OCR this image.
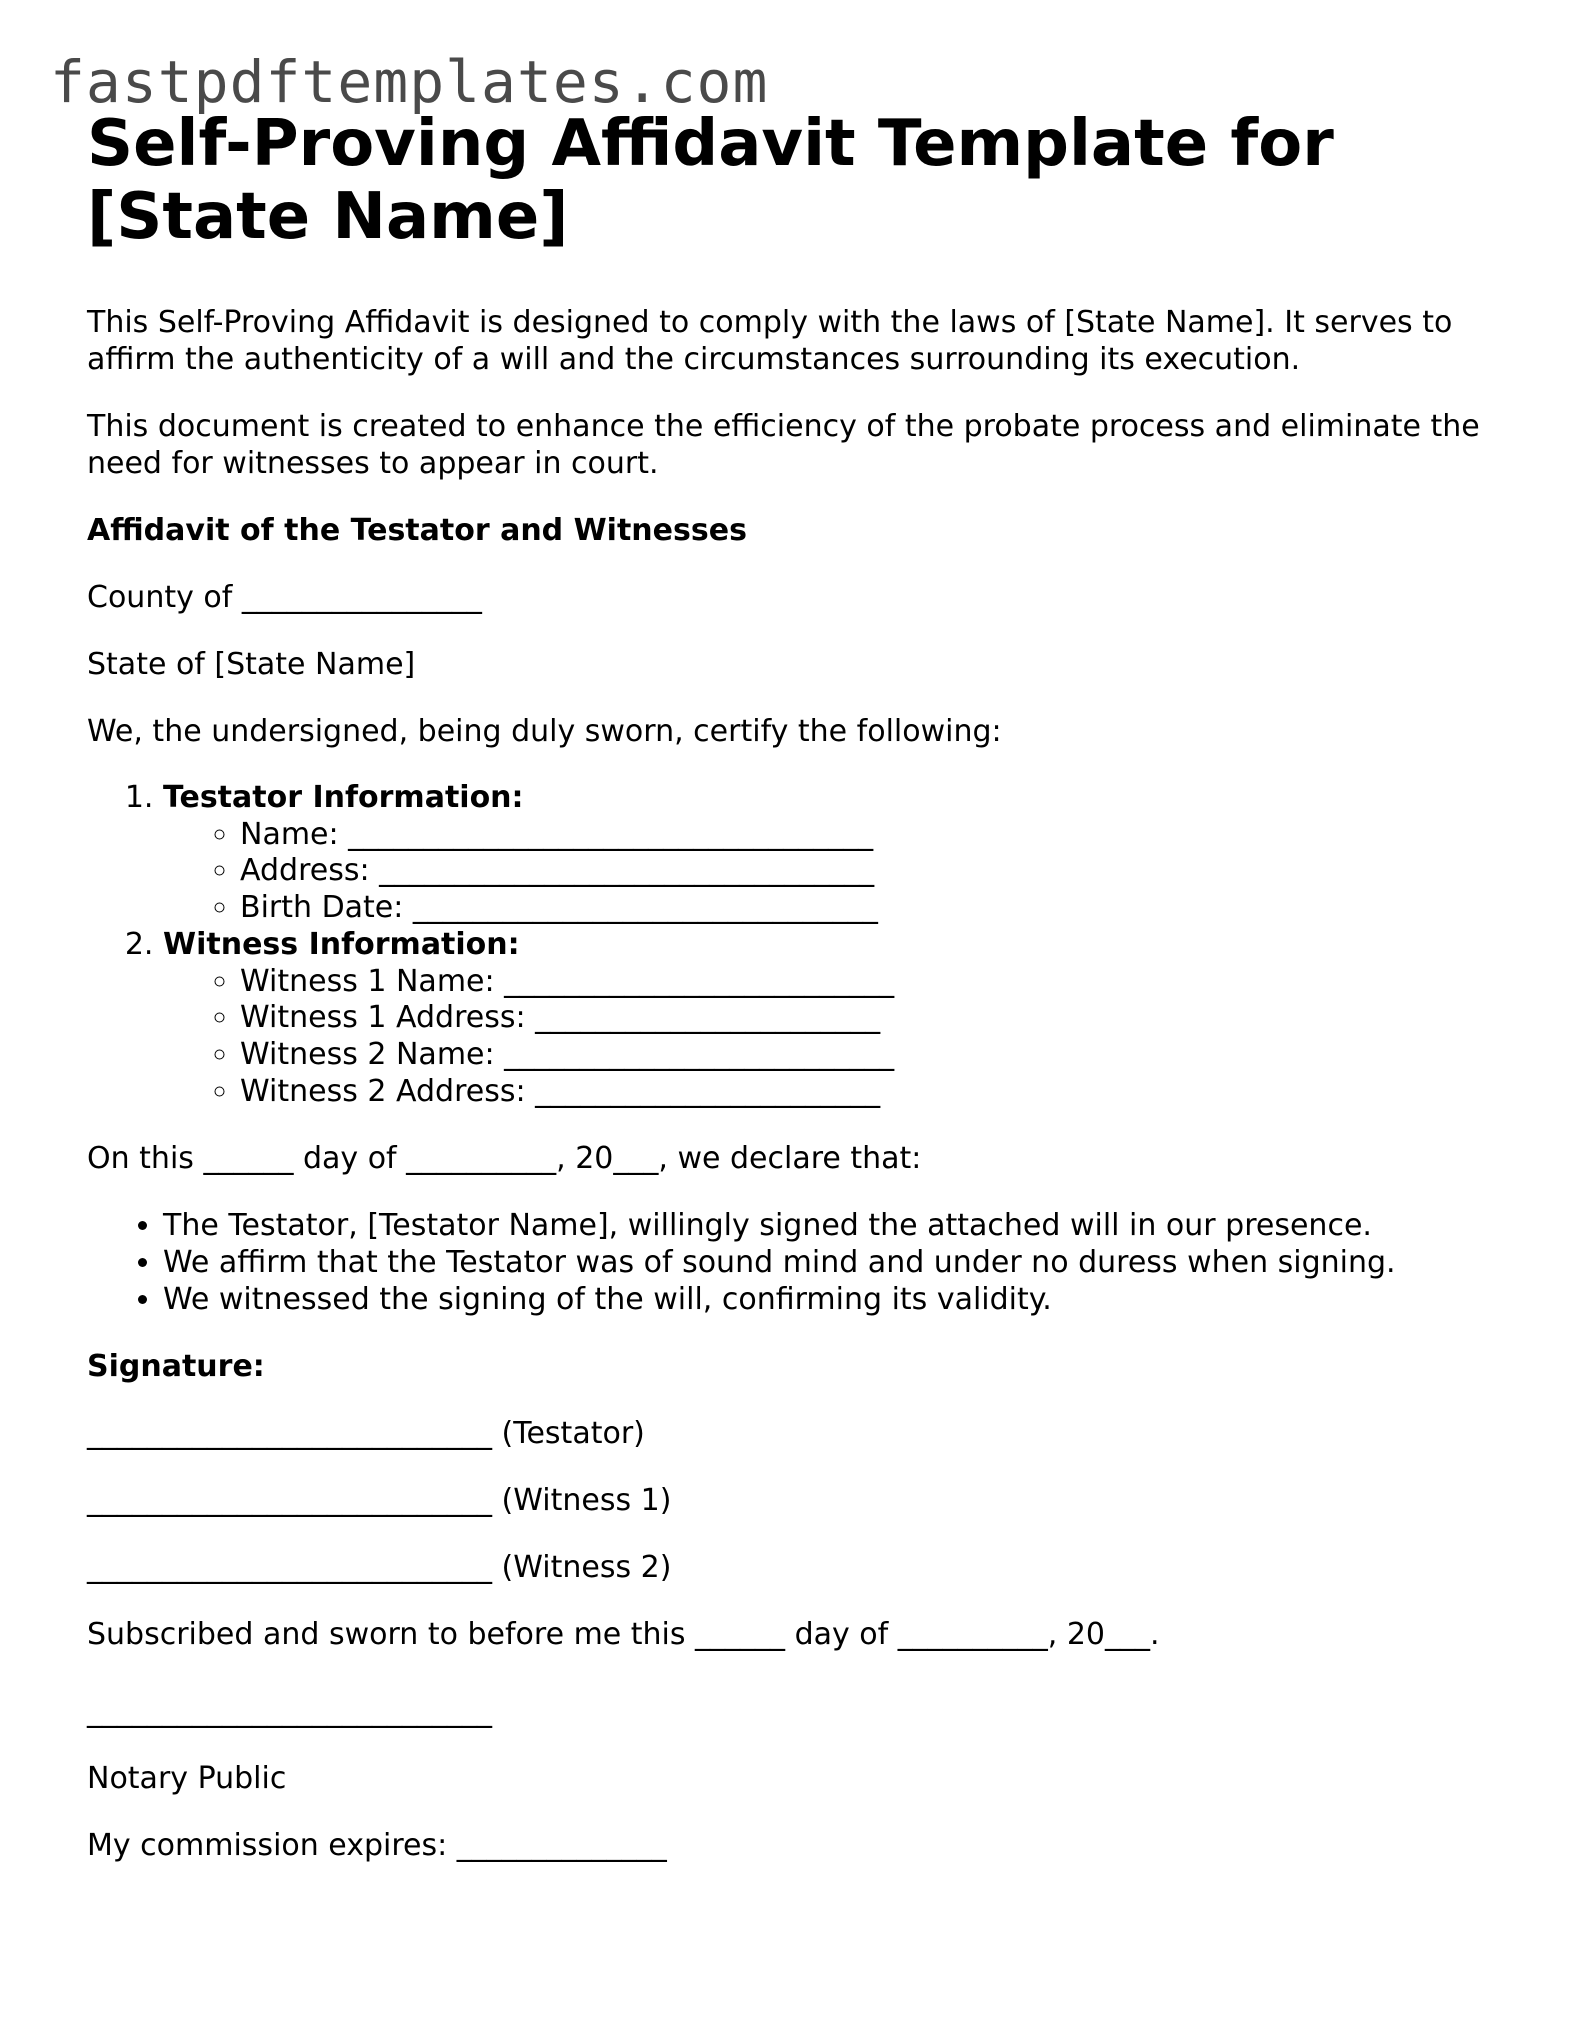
fastpdftemplates.com
Self-Proving Affidavit Template for [State Name]

This Self-Proving Affidavit is designed to comply with the laws of [State Name]. It serves to affirm the authenticity of a will and the circumstances surrounding its execution.

This document is created to enhance the efficiency of the probate process and eliminate the need for witnesses to appear in court.

Affidavit of the Testator and Witnesses

County of ________________

State of [State Name]

We, the undersigned, being duly sworn, certify the following:

1. Testator Information:
◦ Name: ___________________________________
◦ Address: _________________________________
◦ Birth Date: _______________________________
2. Witness Information:
◦ Witness 1 Name: __________________________
◦ Witness 1 Address: _______________________
◦ Witness 2 Name: __________________________
◦ Witness 2 Address: _______________________

On this ______ day of __________, 20___, we declare that:

• The Testator, [Testator Name], willingly signed the attached will in our presence.
• We affirm that the Testator was of sound mind and under no duress when signing.
• We witnessed the signing of the will, confirming its validity.

Signature:

___________________________ (Testator)

___________________________ (Witness 1)

___________________________ (Witness 2)

Subscribed and sworn to before me this ______ day of __________, 20___.

___________________________

Notary Public

My commission expires: ______________
